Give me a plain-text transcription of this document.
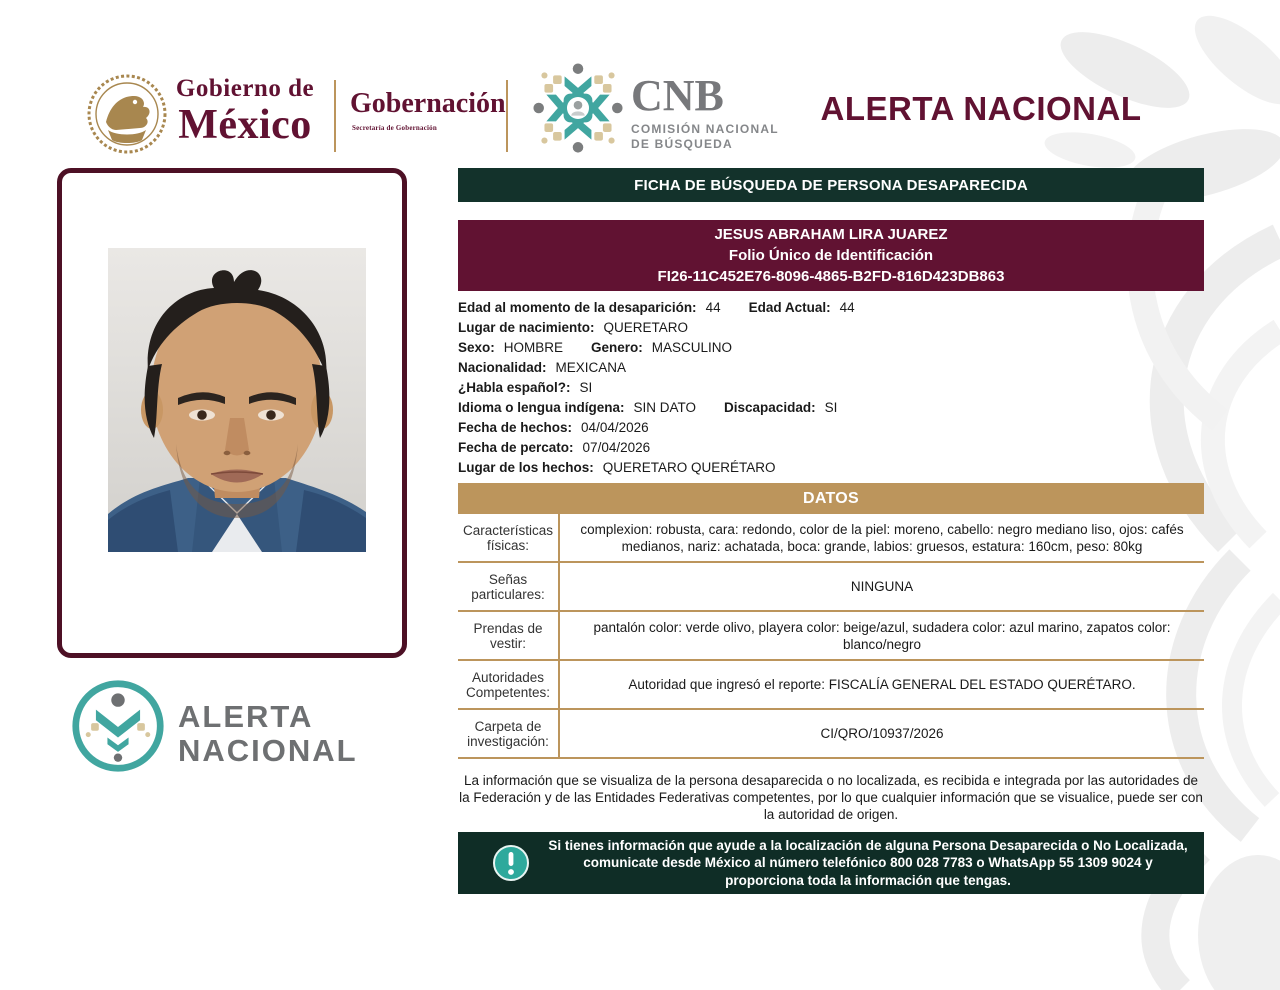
Gobierno de
México Gobernación
Secretaría de Gobernación
CNB
COMISIÓN NACIONAL
DE BÚSQUEDA
ALERTA NACIONAL
FICHA DE BÚSQUEDA DE PERSONA DESAPARECIDA
JESUS ABRAHAM LIRA JUAREZ
Folio Único de Identificación
FI26-11C452E76-8096-4865-B2FD-816D423DB863
Edad al momento de la desaparición: 44 Edad Actual: 44
Lugar de nacimiento: QUERETARO
Sexo: HOMBRE Genero: MASCULINO
Nacionalidad: MEXICANA
¿Habla español?: SI
Idioma o lengua indígena: SIN DATO Discapacidad: SI
Fecha de hechos: 04/04/2026
Fecha de percato: 07/04/2026
Lugar de los hechos: QUERETARO QUERÉTARO
DATOS
Características físicas:
complexion: robusta, cara: redondo, color de la piel: moreno, cabello: negro mediano liso, ojos: cafés medianos, nariz: achatada, boca: grande, labios: gruesos, estatura: 160cm, peso: 80kg
Señas particulares:	NINGUNA
Prendas de vestir:
pantalón color: verde olivo, playera color: beige/azul, sudadera color: azul marino, zapatos color: blanco/negro
Autoridades Competentes:	Autoridad que ingresó el reporte: FISCALÍA GENERAL DEL ESTADO QUERÉTARO.
Carpeta de investigación:	CI/QRO/10937/2026
La información que se visualiza de la persona desaparecida o no localizada, es recibida e integrada por las autoridades de la Federación y de las Entidades Federativas competentes, por lo que cualquier información que se visualice, puede ser con la autoridad de origen.
Si tienes información que ayude a la localización de alguna Persona Desaparecida o No Localizada, comunicate desde México al número telefónico 800 028 7783 o WhatsApp 55 1309 9024 y proporciona toda la información que tengas.
ALERTA
NACIONAL
